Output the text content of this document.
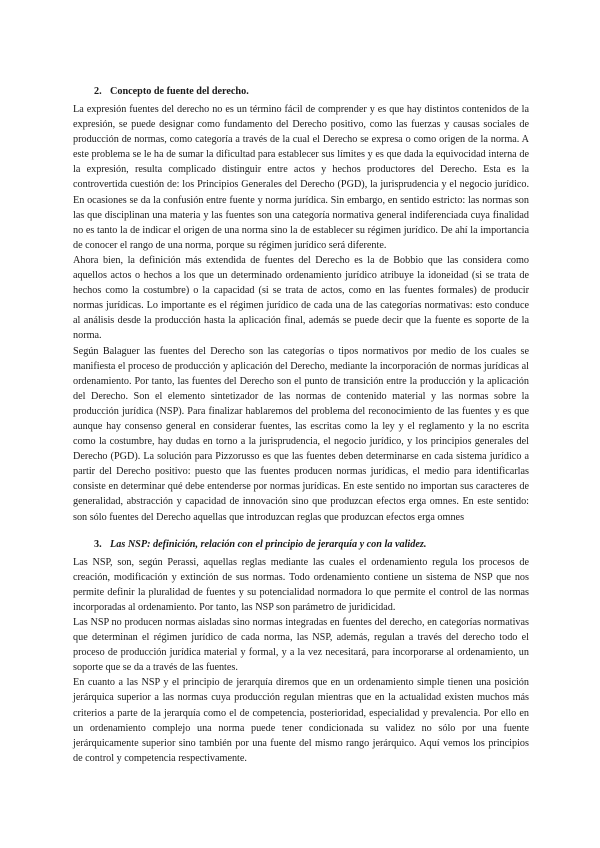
2. Concepto de fuente del derecho.

La expresión fuentes del derecho no es un término fácil de comprender y es que hay distintos contenidos de la expresión, se puede designar como fundamento del Derecho positivo, como las fuerzas y causas sociales de producción de normas, como categoría a través de la cual el Derecho se expresa o como origen de la norma. A este problema se le ha de sumar la dificultad para establecer sus límites y es que dada la equivocidad interna de la expresión, resulta complicado distinguir entre actos y hechos productores del Derecho. Esta es la controvertida cuestión de: los Principios Generales del Derecho (PGD), la jurisprudencia y el negocio jurídico. En ocasiones se da la confusión entre fuente y norma jurídica. Sin embargo, en sentido estricto: las normas son las que disciplinan una materia y las fuentes son una categoría normativa general indiferenciada cuya finalidad no es tanto la de indicar el origen de una norma sino la de establecer su régimen jurídico. De ahí la importancia de conocer el rango de una norma, porque su régimen jurídico será diferente.

Ahora bien, la definición más extendida de fuentes del Derecho es la de Bobbio que las considera como aquellos actos o hechos a los que un determinado ordenamiento jurídico atribuye la idoneidad (si se trata de hechos como la costumbre) o la capacidad (si se trata de actos, como en las fuentes formales) de producir normas jurídicas. Lo importante es el régimen jurídico de cada una de las categorías normativas: esto conduce al análisis desde la producción hasta la aplicación final, además se puede decir que la fuente es soporte de la norma.

Según Balaguer las fuentes del Derecho son las categorías o tipos normativos por medio de los cuales se manifiesta el proceso de producción y aplicación del Derecho, mediante la incorporación de normas jurídicas al ordenamiento. Por tanto, las fuentes del Derecho son el punto de transición entre la producción y la aplicación del Derecho. Son el elemento sintetizador de las normas de contenido material y las normas sobre la producción jurídica (NSP). Para finalizar hablaremos del problema del reconocimiento de las fuentes y es que aunque hay consenso general en considerar fuentes, las escritas como la ley y el reglamento y la no escrita como la costumbre, hay dudas en torno a la jurisprudencia, el negocio jurídico, y los principios generales del Derecho (PGD). La solución para Pizzorusso es que las fuentes deben determinarse en cada sistema jurídico a partir del Derecho positivo: puesto que las fuentes producen normas jurídicas, el medio para identificarlas consiste en determinar qué debe entenderse por normas jurídicas. En este sentido no importan sus caracteres de generalidad, abstracción y capacidad de innovación sino que produzcan efectos erga omnes. En este sentido: son sólo fuentes del Derecho aquellas que introduzcan reglas que produzcan efectos erga omnes

3. Las NSP: definición, relación con el principio de jerarquía y con la validez.

Las NSP, son, según Perassi, aquellas reglas mediante las cuales el ordenamiento regula los procesos de creación, modificación y extinción de sus normas. Todo ordenamiento contiene un sistema de NSP que nos permite definir la pluralidad de fuentes y su potencialidad normadora lo que permite el control de las normas incorporadas al ordenamiento. Por tanto, las NSP son parámetro de juridicidad.

Las NSP no producen normas aisladas sino normas integradas en fuentes del derecho, en categorías normativas que determinan el régimen jurídico de cada norma, las NSP, además, regulan a través del derecho todo el proceso de producción jurídica material y formal, y a la vez necesitará, para incorporarse al ordenamiento, un soporte que se da a través de las fuentes.

En cuanto a las NSP y el principio de jerarquía diremos que en un ordenamiento simple tienen una posición jerárquica superior a las normas cuya producción regulan mientras que en la actualidad existen muchos más criterios a parte de la jerarquía como el de competencia, posterioridad, especialidad y prevalencia. Por ello en un ordenamiento complejo una norma puede tener condicionada su validez no sólo por una fuente jerárquicamente superior sino también por una fuente del mismo rango jerárquico. Aquí vemos los principios de control y competencia respectivamente.
